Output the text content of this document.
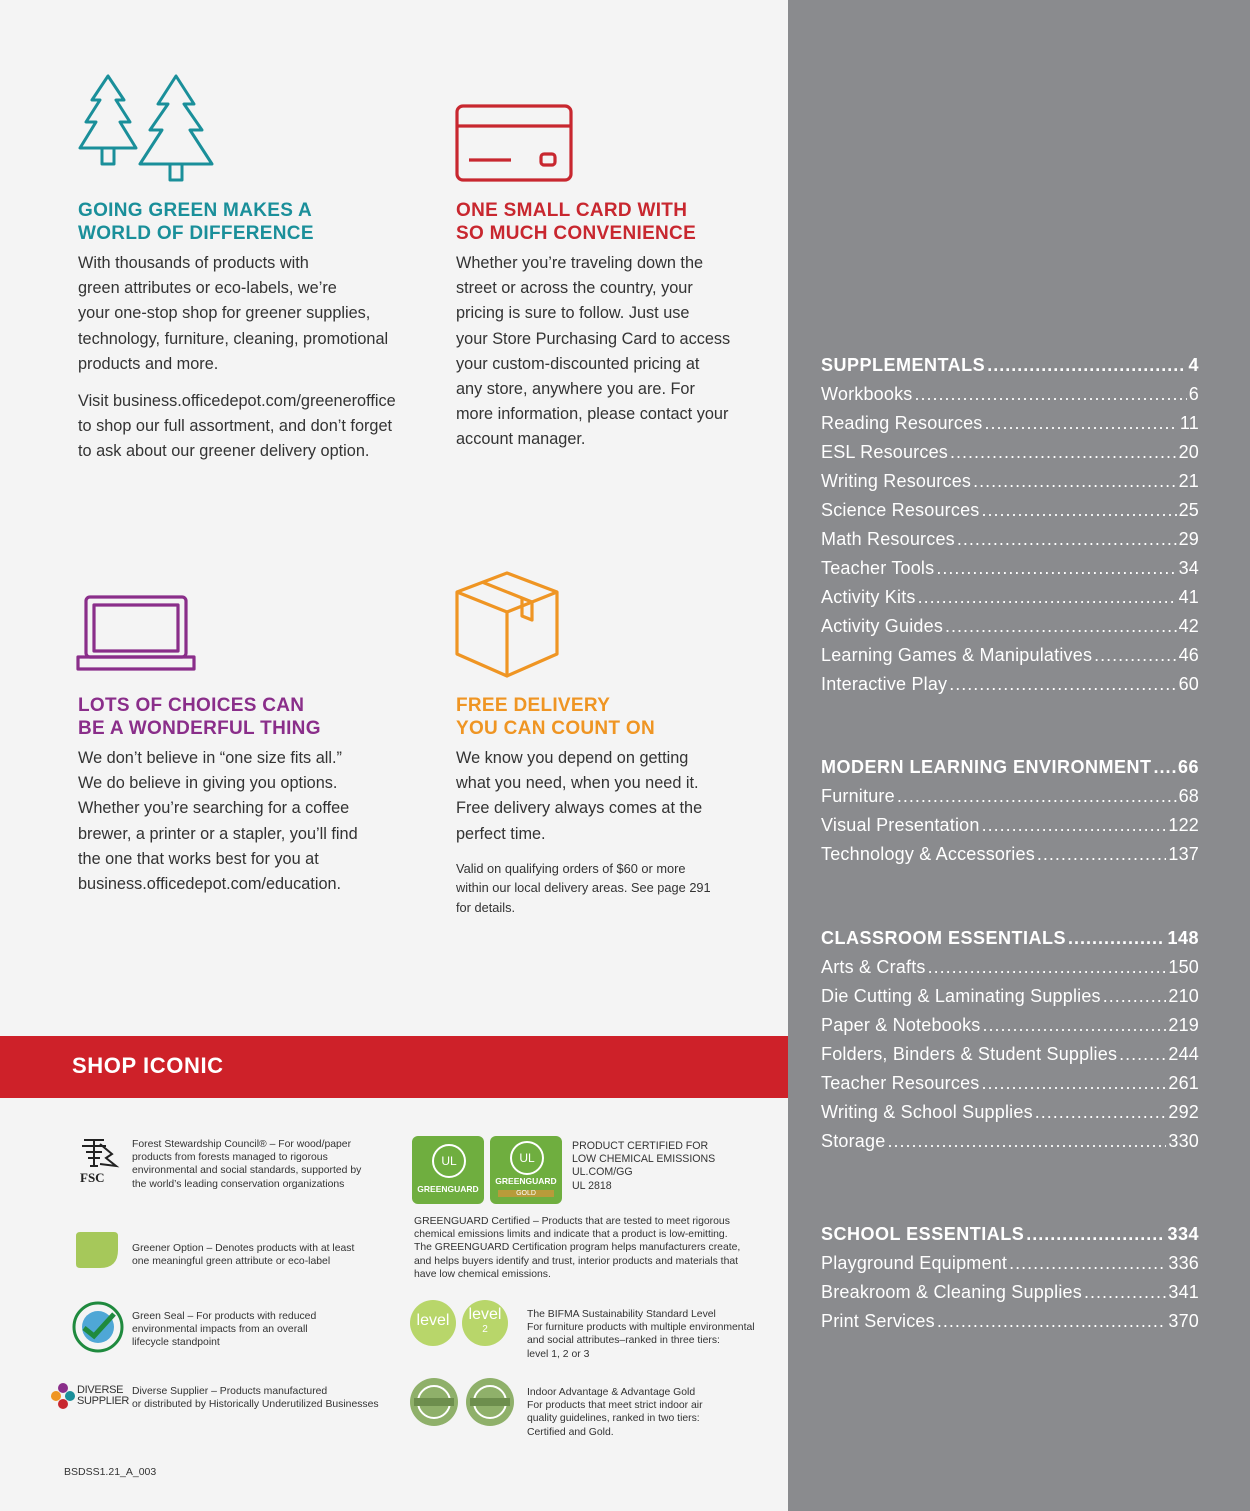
GOING GREEN MAKES A
WORLD OF DIFFERENCE

With thousands of products with
green attributes or eco-labels, we’re
your one-stop shop for greener supplies,
technology, furniture, cleaning, promotional
products and more.

Visit business.officedepot.com/greeneroffice
to shop our full assortment, and don’t forget
to ask about our greener delivery option.

ONE SMALL CARD WITH
SO MUCH CONVENIENCE

Whether you’re traveling down the
street or across the country, your
pricing is sure to follow. Just use
your Store Purchasing Card to access
your custom-discounted pricing at
any store, anywhere you are. For
more information, please contact your
account manager.

LOTS OF CHOICES CAN
BE A WONDERFUL THING

We don’t believe in “one size fits all.”
We do believe in giving you options.
Whether you’re searching for a coffee
brewer, a printer or a stapler, you’ll find
the one that works best for you at
business.officedepot.com/education.

FREE DELIVERY
YOU CAN COUNT ON

We know you depend on getting
what you need, when you need it.
Free delivery always comes at the
perfect time.

Valid on qualifying orders of $60 or more
within our local delivery areas. See page 291
for details.

SHOP ICONIC
FSC
Forest Stewardship Council® – For wood/paper
products from forests managed to rigorous
environmental and social standards, supported by
the world’s leading conservation organizations
Greener Option – Denotes products with at least
one meaningful green attribute or eco-label
Green Seal – For products with reduced
environmental impacts from an overall
lifecycle standpoint
DIVERSE
SUPPLIER
Diverse Supplier – Products manufactured
or distributed by Historically Underutilized Businesses
UL
GREENGUARD
UL
GREENGUARD
GOLD
PRODUCT CERTIFIED FOR
LOW CHEMICAL EMISSIONS
UL.COM/GG
UL 2818
GREENGUARD Certified – Products that are tested to meet rigorous
chemical emissions limits and indicate that a product is low-emitting.
The GREENGUARD Certification program helps manufacturers create,
and helps buyers identify and trust, interior products and materials that
have low chemical emissions.
level	level
2
The BIFMA Sustainability Standard Level
For furniture products with multiple environmental
and social attributes–ranked in three tiers:
level 1, 2 or 3
Indoor Advantage & Advantage Gold
For products that meet strict indoor air
quality guidelines, ranked in two tiers:
Certified and Gold.
BSDSS1.21_A_003
SUPPLEMENTALS .....	4
Workbooks .....	6
Reading Resources .....	11
ESL Resources .....	20
Writing Resources .....	21
Science Resources .....	25
Math Resources .....	29
Teacher Tools .....	34
Activity Kits .....	41
Activity Guides .....	42
Learning Games & Manipulatives .....	46
Interactive Play .....	60
MODERN LEARNING ENVIRONMENT ..... 66
Furniture .....	68
Visual Presentation .....	122
Technology & Accessories .....	137
CLASSROOM ESSENTIALS .....	148
Arts & Crafts .....	150
Die Cutting & Laminating Supplies .....	210
Paper & Notebooks .....	219
Folders, Binders & Student Supplies .....	244
Teacher Resources .....	261
Writing & School Supplies .....	292
Storage .....	330
SCHOOL ESSENTIALS .....	334
Playground Equipment .....	336
Breakroom & Cleaning Supplies .....	341
Print Services .....	370
